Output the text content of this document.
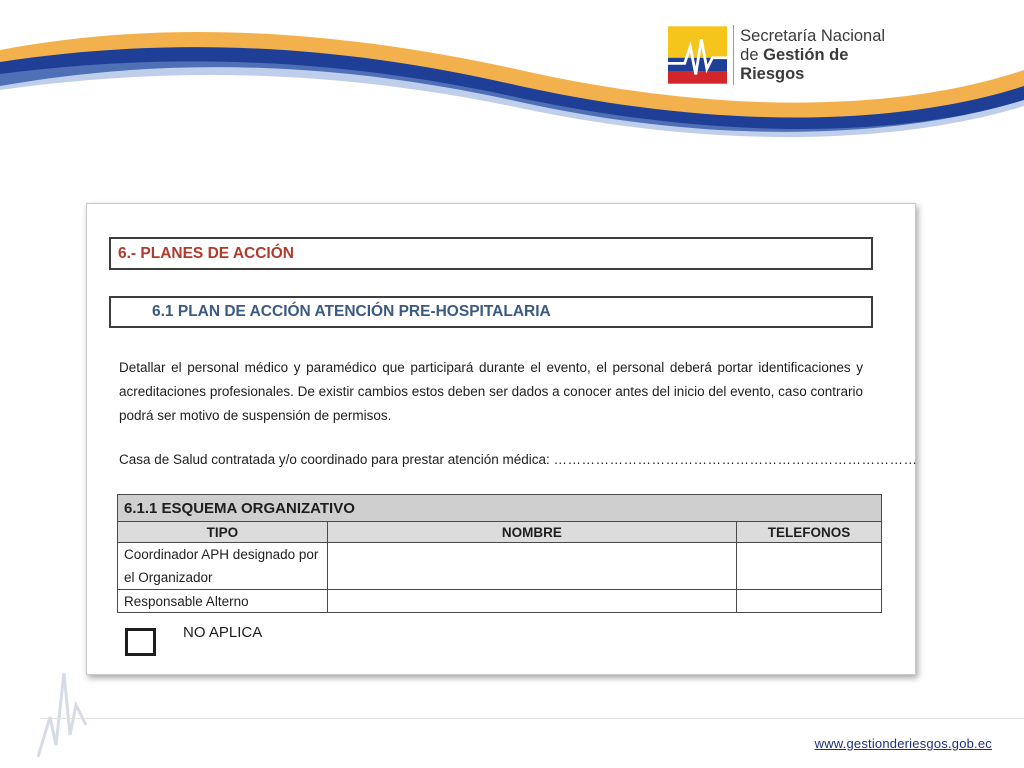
Secretaría Nacional
de Gestión de Riesgos
6.- PLANES DE ACCIÓN
6.1 PLAN DE ACCIÓN ATENCIÓN PRE-HOSPITALARIA
Detallar el personal médico y paramédico que participará durante el evento, el personal deberá portar identificaciones y acreditaciones profesionales. De existir cambios estos deben ser dados a conocer antes del inicio del evento, caso contrario podrá ser motivo de suspensión de permisos.
Casa de Salud contratada y/o coordinado para prestar atención médica: ……………………………………………………………………
6.1.1 ESQUEMA ORGANIZATIVO		
TIPO	NOMBRE	TELEFONOS
Coordinador APH designado por el Organizador		
Responsable Alterno		
NO APLICA
www.gestionderiesgos.gob.ec
